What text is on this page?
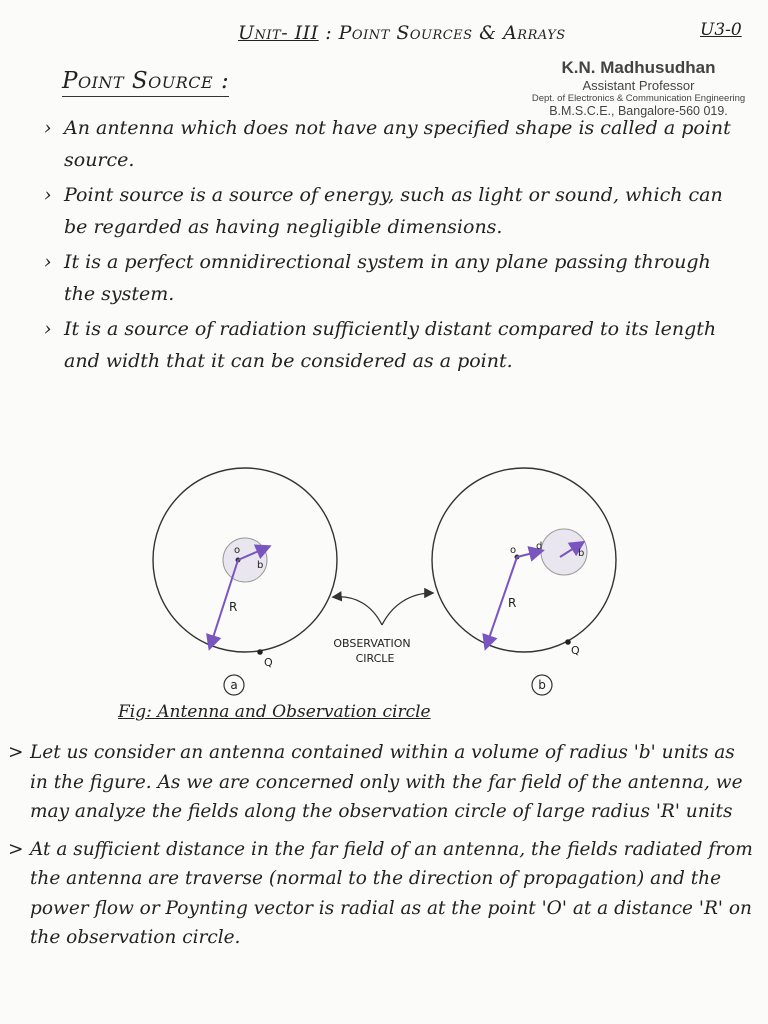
Unit- III : Point Sources & Arrays	U3-0
Point Source :
K.N. Madhusudhan
Assistant Professor
Dept. of Electronics & Communication Engineering
B.M.S.C.E., Bangalore-560 019.
› An antenna which does not have any specified shape is called a point source.
› Point source is a source of energy, such as light or sound, which can be regarded as having negligible dimensions.
› It is a perfect omnidirectional system in any plane passing through the system.
› It is a source of radiation sufficiently distant compared to its length and width that it can be considered as a point.
o
b
R
Q
a
o d
b
R
Q
b
OBSERVATION
CIRCLE
Fig: Antenna and Observation circle
> Let us consider an antenna contained within a volume of radius 'b' units as in the figure. As we are concerned only with the far field of the antenna, we may analyze the fields along the observation circle of large radius 'R' units
> At a sufficient distance in the far field of an antenna, the fields radiated from the antenna are traverse (normal to the direction of propagation) and the power flow or Poynting vector is radial as at the point 'O' at a distance 'R' on the observation circle.
